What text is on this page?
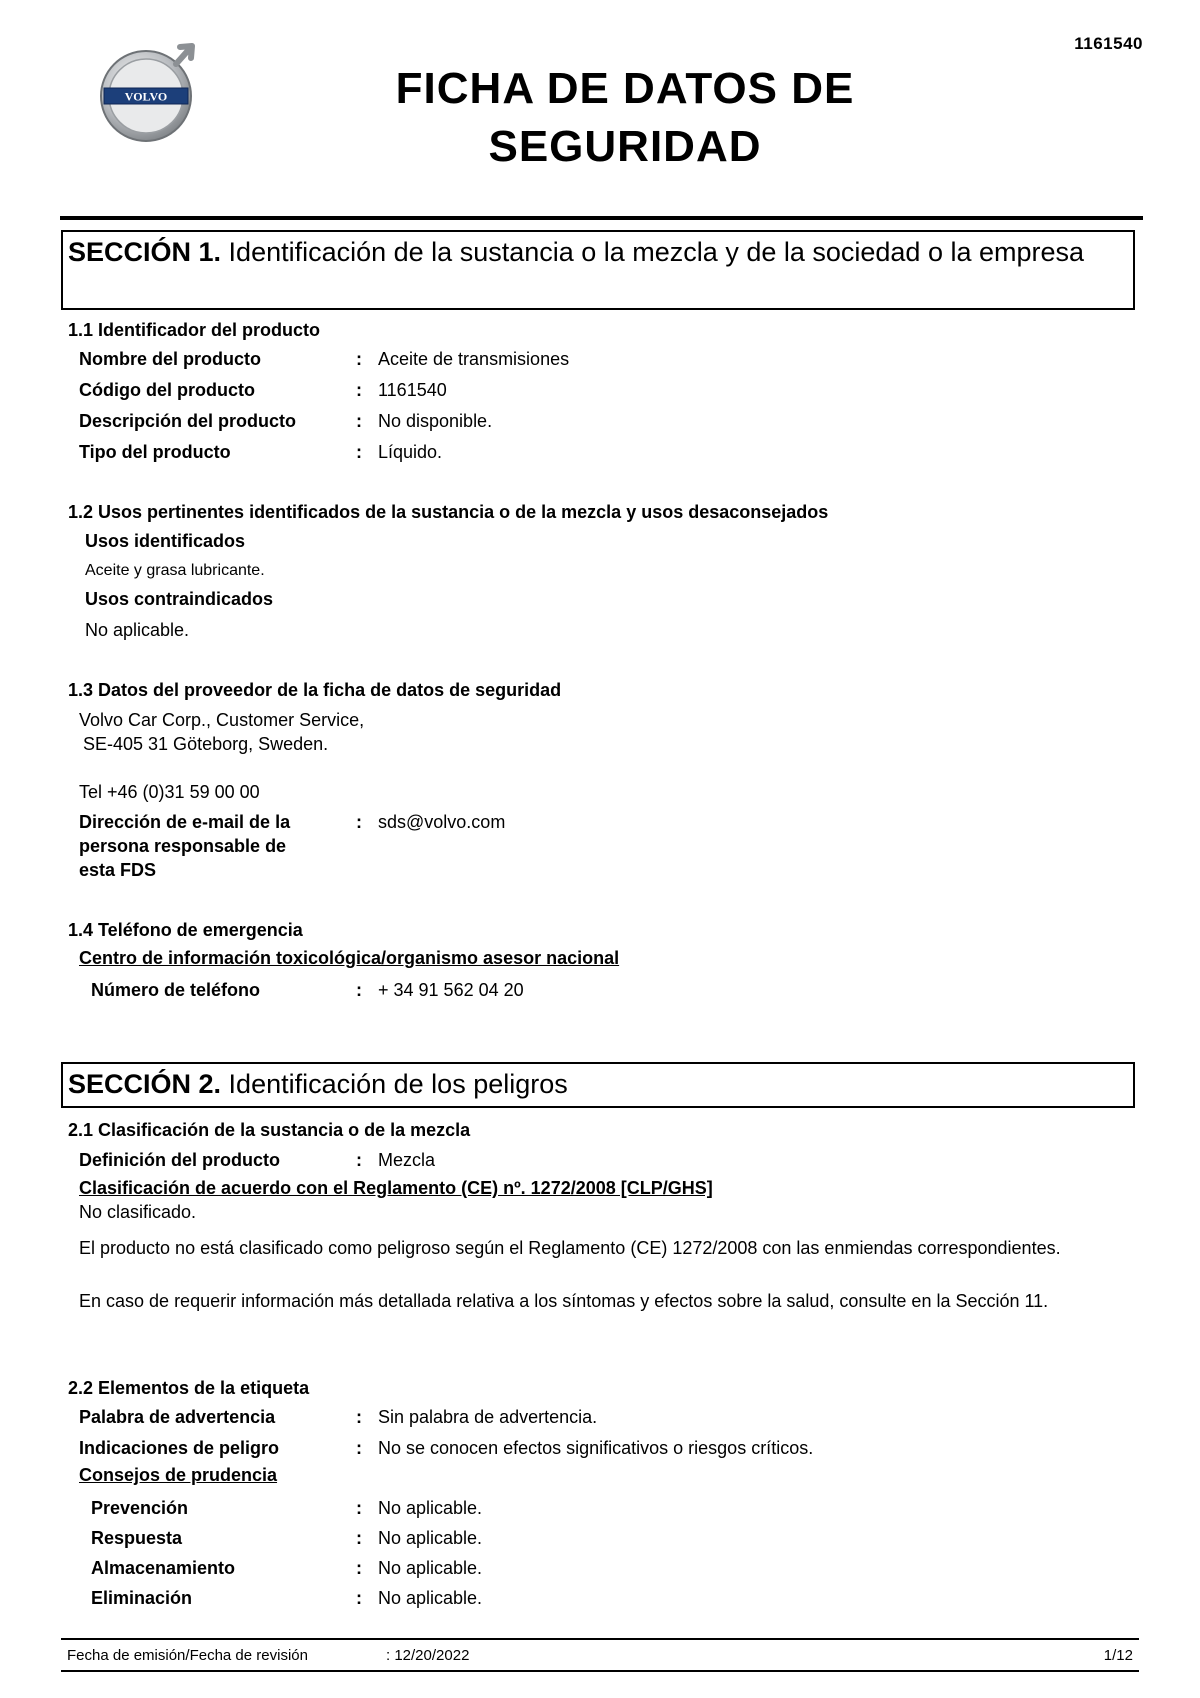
1161540
VOLVO	FICHA DE DATOS DE
SEGURIDAD
SECCIÓN 1. Identificación de la sustancia o la mezcla y de la sociedad o la empresa
1.1 Identificador del producto
Nombre del producto	: Aceite de transmisiones
Código del producto	: 1161540
Descripción del producto	: No disponible.
Tipo del producto	: Líquido.
1.2 Usos pertinentes identificados de la sustancia o de la mezcla y usos desaconsejados
Usos identificados
Aceite y grasa lubricante.
Usos contraindicados
No aplicable.
1.3 Datos del proveedor de la ficha de datos de seguridad
Volvo Car Corp., Customer Service,
SE-405 31 Göteborg, Sweden.
Tel +46 (0)31 59 00 00
Dirección de e-mail de la
persona responsable de
esta FDS
: sds@volvo.com
1.4 Teléfono de emergencia
Centro de información toxicológica/organismo asesor nacional
Número de teléfono	: + 34 91 562 04 20
SECCIÓN 2. Identificación de los peligros
2.1 Clasificación de la sustancia o de la mezcla
Definición del producto	: Mezcla
Clasificación de acuerdo con el Reglamento (CE) nº. 1272/2008 [CLP/GHS]
No clasificado.
El producto no está clasificado como peligroso según el Reglamento (CE) 1272/2008 con las enmiendas correspondientes.
En caso de requerir información más detallada relativa a los síntomas y efectos sobre la salud, consulte en la Sección 11.
2.2 Elementos de la etiqueta
Palabra de advertencia	: Sin palabra de advertencia.
Indicaciones de peligro	: No se conocen efectos significativos o riesgos críticos.
Consejos de prudencia
Prevención	: No aplicable.
Respuesta	: No aplicable.
Almacenamiento	: No aplicable.
Eliminación	: No aplicable.
Fecha de emisión/Fecha de revisión	: 12/20/2022	1/12
